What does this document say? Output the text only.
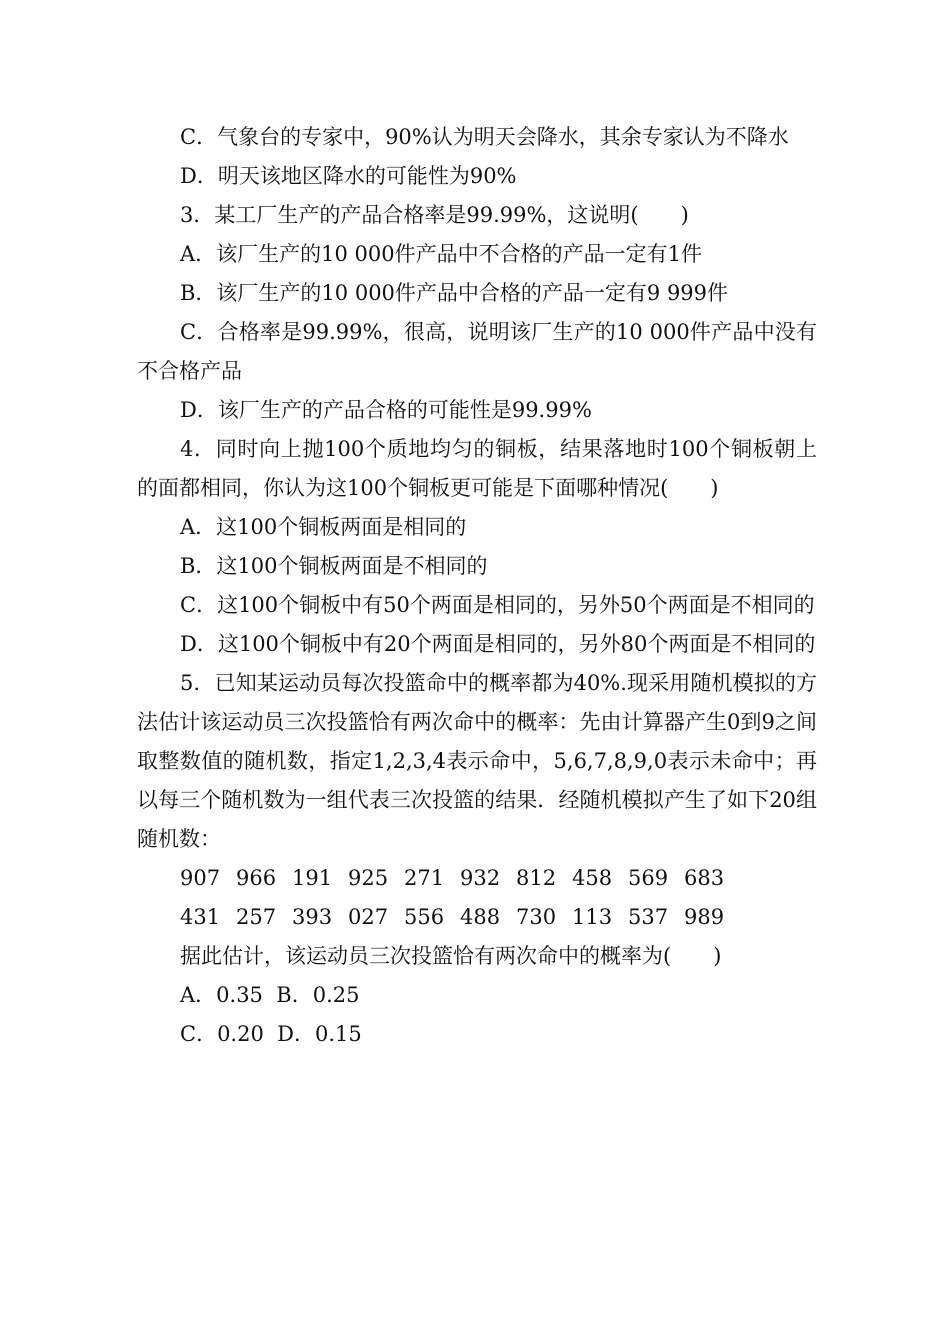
C．气象台的专家中，90%认为明天会降水，其余专家认为不降水

D．明天该地区降水的可能性为90%

3．某工厂生产的产品合格率是99.99%，这说明(　　)

A．该厂生产的10 000件产品中不合格的产品一定有1件

B．该厂生产的10 000件产品中合格的产品一定有9 999件

C．合格率是99.99%，很高，说明该厂生产的10 000件产品中没有不合格产品

D．该厂生产的产品合格的可能性是99.99%

4．同时向上抛100个质地均匀的铜板，结果落地时100个铜板朝上的面都相同，你认为这100个铜板更可能是下面哪种情况(　　)

A．这100个铜板两面是相同的

B．这100个铜板两面是不相同的

C．这100个铜板中有50个两面是相同的，另外50个两面是不相同的

D．这100个铜板中有20个两面是相同的，另外80个两面是不相同的

5．已知某运动员每次投篮命中的概率都为40%.现采用随机模拟的方法估计该运动员三次投篮恰有两次命中的概率：先由计算器产生0到9之间取整数值的随机数，指定1,2,3,4表示命中，5,6,7,8,9,0表示未命中；再以每三个随机数为一组代表三次投篮的结果．经随机模拟产生了如下20组随机数：

907 966 191 925 271 932 812 458 569 683
431 257 393 027 556 488 730 113 537 989

据此估计，该运动员三次投篮恰有两次命中的概率为(　　)

A．0.35  B．0.25

C．0.20  D．0.15
